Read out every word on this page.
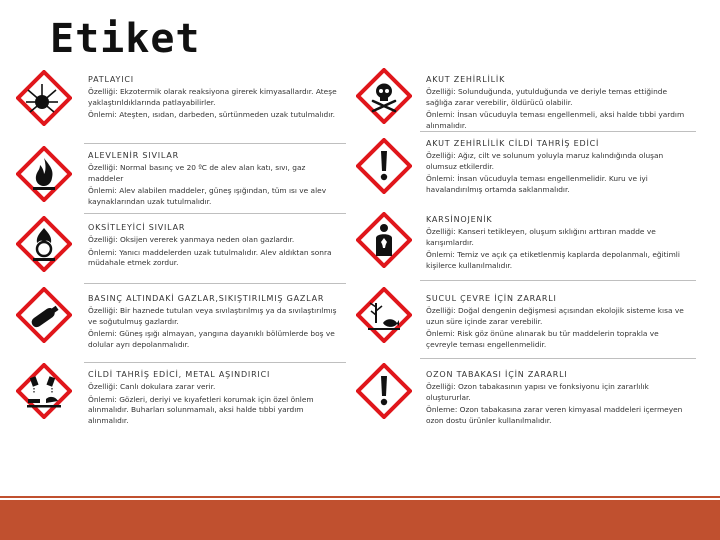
Etiket
PATLAYICI
Özelliği: Ekzotermik olarak reaksiyona girerek kimyasallardır. Ateşe yaklaştırıldıklarında patlayabilirler.
Önlemi: Ateşten, ısıdan, darbeden, sürtünmeden uzak tutulmalıdır.
ALEVLENİR SIVILAR
Özelliği: Normal basınç ve 20 ºC de alev alan katı, sıvı, gaz maddeler
Önlemi: Alev alabilen maddeler, güneş ışığından, tüm ısı ve alev kaynaklarından uzak tutulmalıdır.
OKSİTLEYİCİ SIVILAR
Özelliği: Oksijen vererek yanmaya neden olan gazlardır.
Önlemi: Yanıcı maddelerden uzak tutulmalıdır. Alev aldıktan sonra müdahale etmek zordur.
BASINÇ ALTINDAKİ GAZLAR,SIKIŞTIRILMIŞ GAZLAR
Özelliği: Bir haznede tutulan veya sıvılaştırılmış ya da sıvılaştırılmış ve soğutulmuş gazlardır.
Önlemi: Güneş ışığı almayan, yangına dayanıklı bölümlerde boş ve dolular ayrı depolanmalıdır.
CİLDİ TAHRİŞ EDİCİ, METAL AŞINDIRICI
Özelliği: Canlı dokulara zarar verir.
Önlemi: Gözleri, deriyi ve kıyafetleri korumak için özel önlem alınmalıdır. Buharları solunmamalı, aksi halde tıbbi yardım alınmalıdır.
AKUT ZEHİRLİLİK
Özelliği: Solunduğunda, yutulduğunda ve deriyle temas ettiğinde sağlığa zarar verebilir, öldürücü olabilir.
Önlemi: İnsan vücuduyla teması engellenmeli, aksi halde tıbbi yardım alınmalıdır.
AKUT ZEHİRLİLİK CİLDİ TAHRİŞ EDİCİ
Özelliği: Ağız, cilt ve solunum yoluyla maruz kalındığında oluşan olumsuz etkilerdir.
Önlemi: İnsan vücuduyla teması engellenmelidir. Kuru ve iyi havalandırılmış ortamda saklanmalıdır.
KARSİNOJENİK
Özelliği: Kanseri tetikleyen, oluşum sıklığını arttıran madde ve karışımlardır.
Önlemi: Temiz ve açık ça etiketlenmiş kaplarda depolanmalı, eğitimli kişilerce kullanılmalıdır.
SUCUL ÇEVRE İÇİN ZARARLI
Özelliği: Doğal dengenin değişmesi açısından ekolojik sisteme kısa ve uzun süre içinde zarar verebilir.
Önlemi: Risk göz önüne alınarak bu tür maddelerin toprakla ve çevreyle teması engellenmelidir.
OZON TABAKASI İÇİN ZARARLI
Özelliği: Ozon tabakasının yapısı ve fonksiyonu için zararlılık oluştururlar.
Önleme: Ozon tabakasına zarar veren kimyasal maddeleri içermeyen ozon dostu ürünler kullanılmalıdır.
